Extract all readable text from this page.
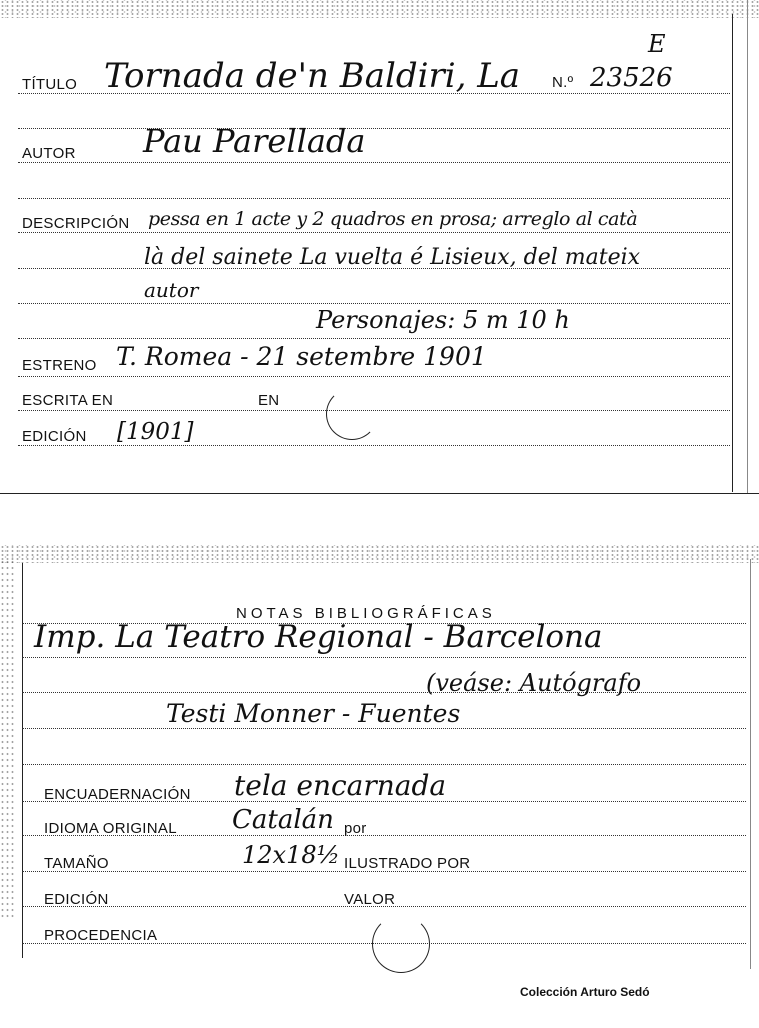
E
TÍTULO Tornada de'n Baldiri, La N.º 23526
AUTOR Pau Parellada
DESCRIPCIÓN pessa en 1 acte y 2 quadros en prosa; arreglo al catà
là del sainete La vuelta é Lisieux, del mateix
autor
Personajes: 5 m 10 h
ESTRENO T. Romea - 21 setembre 1901
ESCRITA EN	EN
EDICIÓN [1901]
NOTAS BIBLIOGRÁFICAS
Imp. La Teatro Regional - Barcelona
(veáse: Autógrafo
Testi Monner - Fuentes
ENCUADERNACIÓN tela encarnada
IDIOMA ORIGINAL Catalán por
TAMAÑO	12x18½ ILUSTRADO POR
EDICIÓN	VALOR
PROCEDENCIA
Colección Arturo Sedó
